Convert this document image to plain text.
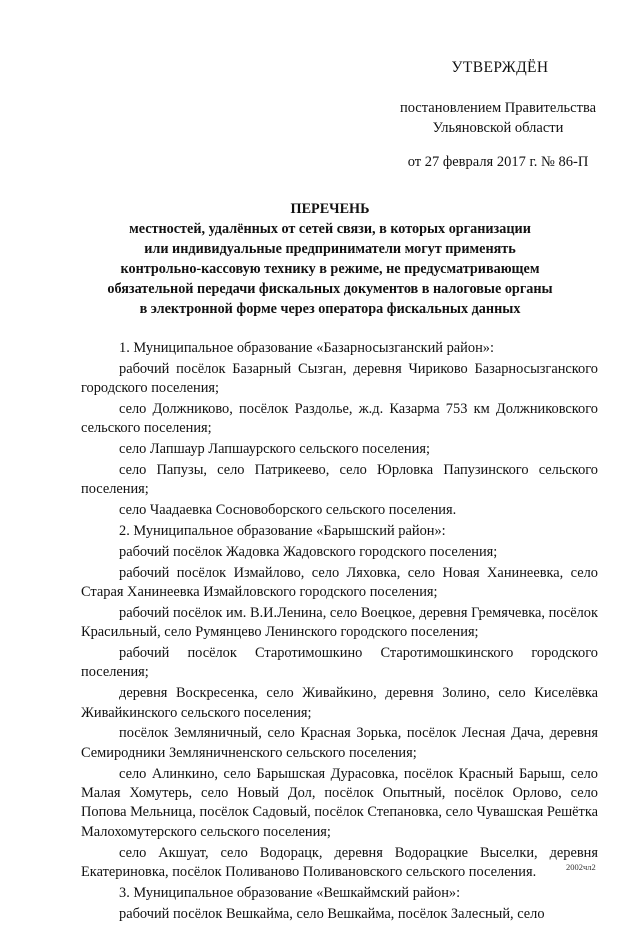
УТВЕРЖДЁН
постановлением Правительства
Ульяновской области
от 27 февраля 2017 г. № 86-П
ПЕРЕЧЕНЬ
местностей, удалённых от сетей связи, в которых организации
или индивидуальные предприниматели могут применять
контрольно-кассовую технику в режиме, не предусматривающем
обязательной передачи фискальных документов в налоговые органы
в электронной форме через оператора фискальных данных

1. Муниципальное образование «Базарносызганский район»:

рабочий посёлок Базарный Сызган, деревня Чириково Базарносызганского городского поселения;

село Должниково, посёлок Раздолье, ж.д. Казарма 753 км Должниковского сельского поселения;

село Лапшаур Лапшаурского сельского поселения;

село Папузы, село Патрикеево, село Юрловка Папузинского сельского поселения;

село Чаадаевка Сосновоборского сельского поселения.

2. Муниципальное образование «Барышский район»:

рабочий посёлок Жадовка Жадовского городского поселения;

рабочий посёлок Измайлово, село Ляховка, село Новая Ханинеевка, село Старая Ханинеевка Измайловского городского поселения;

рабочий посёлок им. В.И.Ленина, село Воецкое, деревня Гремячевка, посёлок Красильный, село Румянцево Ленинского городского поселения;

рабочий посёлок Старотимошкино Старотимошкинского городского поселения;

деревня Воскресенка, село Живайкино, деревня Золино, село Киселёвка Живайкинского сельского поселения;

посёлок Земляничный, село Красная Зорька, посёлок Лесная Дача, деревня Семиродники Земляничненского сельского поселения;

село Алинкино, село Барышская Дурасовка, посёлок Красный Барыш, село Малая Хомутерь, село Новый Дол, посёлок Опытный, посёлок Орлово, село Попова Мельница, посёлок Садовый, посёлок Степановка, село Чувашская Решётка Малохомутерского сельского поселения;

село Акшуат, село Водорацк, деревня Водорацкие Выселки, деревня Екатериновка, посёлок Поливаново Поливановского сельского поселения.

3. Муниципальное образование «Вешкаймский район»:

рабочий посёлок Вешкайма, село Вешкайма, посёлок Залесный, село

2002чл2
